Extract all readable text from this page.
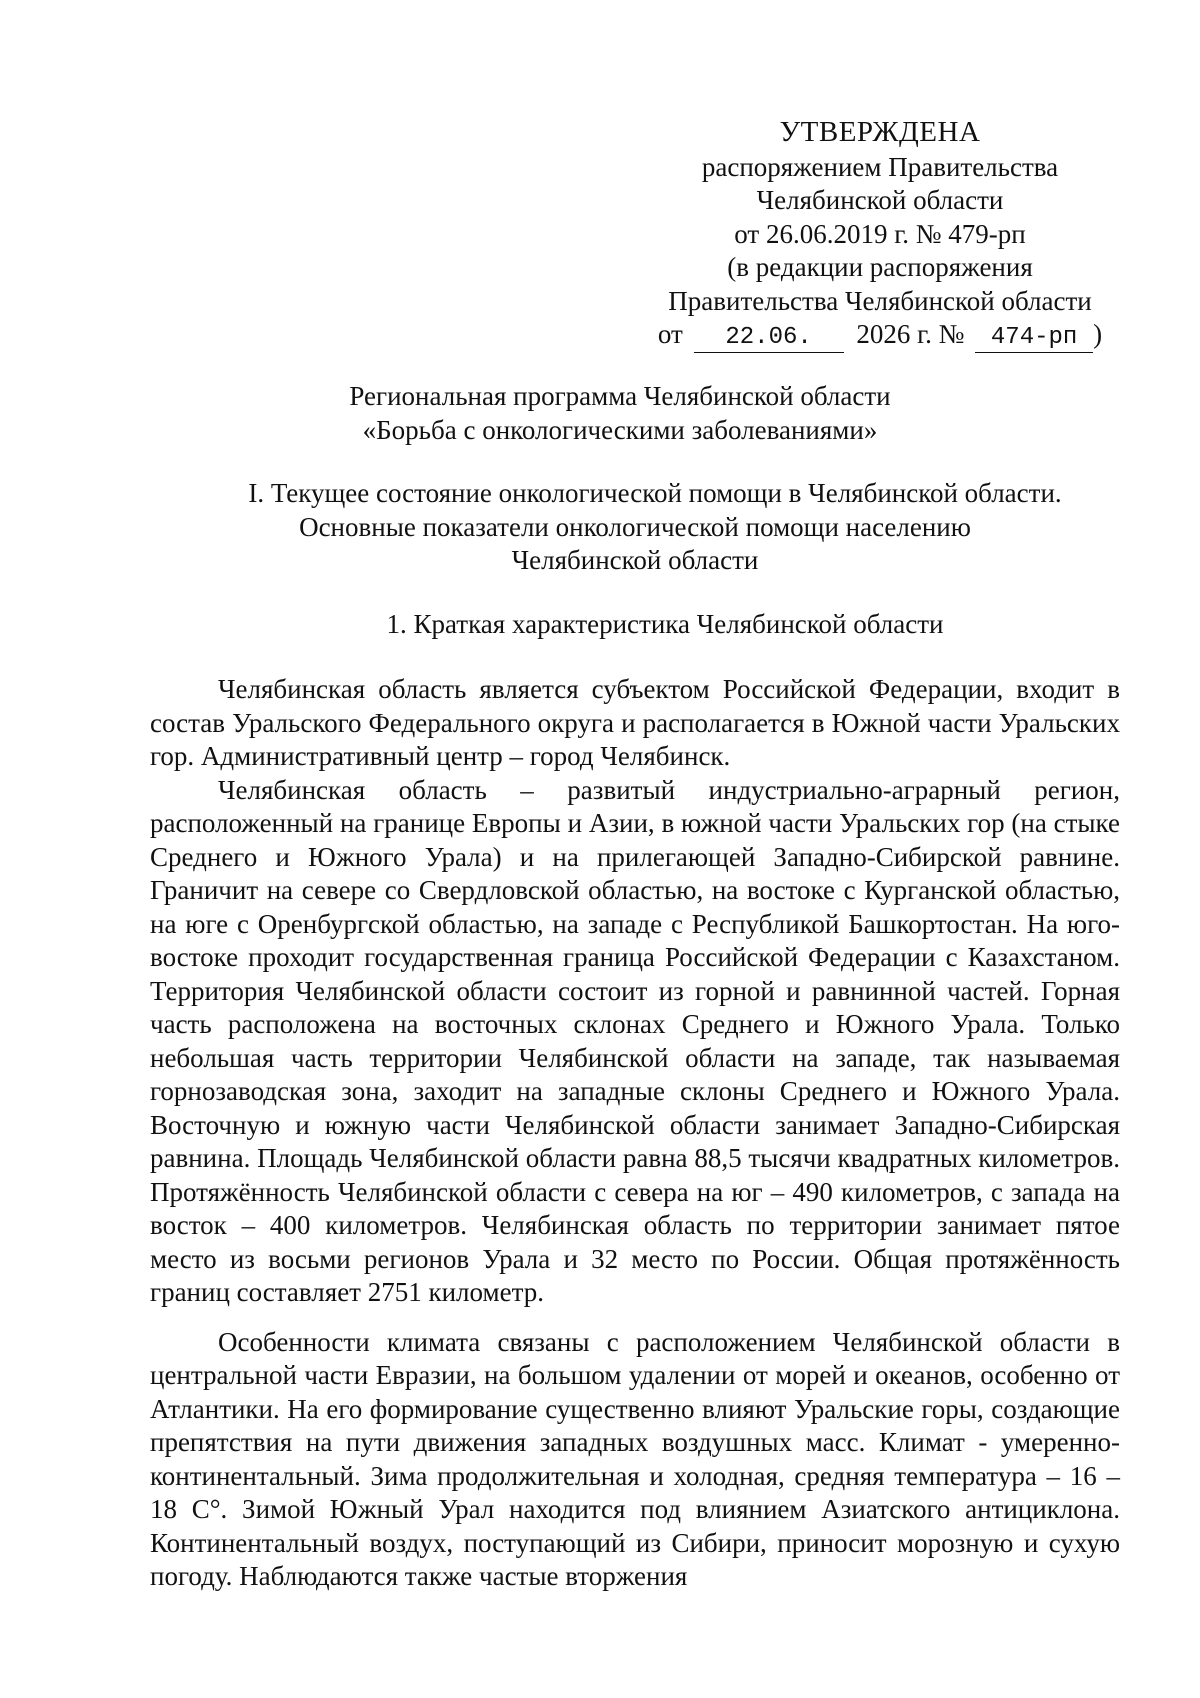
УТВЕРЖДЕНА
распоряжением Правительства
Челябинской области
от 26.06.2019 г. № 479-рп
(в редакции распоряжения
Правительства Челябинской области
от 22.06. 2026 г. № 474-рп )
Региональная программа Челябинской области
«Борьба с онкологическими заболеваниями»
I. Текущее состояние онкологической помощи в Челябинской области.
Основные показатели онкологической помощи населению
Челябинской области
1. Краткая характеристика Челябинской области

Челябинская область является субъектом Российской Федерации, входит в состав Уральского Федерального округа и располагается в Южной части Уральских гор. Административный центр – город Челябинск.

Челябинская область – развитый индустриально-аграрный регион, расположенный на границе Европы и Азии, в южной части Уральских гор (на стыке Среднего и Южного Урала) и на прилегающей Западно-Сибирской равнине. Граничит на севере со Свердловской областью, на востоке с Курганской областью, на юге с Оренбургской областью, на западе с Республикой Башкортостан. На юго-востоке проходит государственная граница Российской Федерации с Казахстаном. Территория Челябинской области состоит из горной и равнинной частей. Горная часть расположена на восточных склонах Среднего и Южного Урала. Только небольшая часть территории Челябинской области на западе, так называемая горнозаводская зона, заходит на западные склоны Среднего и Южного Урала. Восточную и южную части Челябинской области занимает Западно-Сибирская равнина. Площадь Челябинской области равна 88,5 тысячи квадратных километров. Протяжённость Челябинской области с севера на юг – 490 километров, с запада на восток – 400 километров. Челябинская область по территории занимает пятое место из восьми регионов Урала и 32 место по России. Общая протяжённость границ составляет 2751 километр.

Особенности климата связаны с расположением Челябинской области в центральной части Евразии, на большом удалении от морей и океанов, особенно от Атлантики. На его формирование существенно влияют Уральские горы, создающие препятствия на пути движения западных воздушных масс. Климат - умеренно-континентальный. Зима продолжительная и холодная, средняя температура – 16 – 18 С°. Зимой Южный Урал находится под влиянием Азиатского антициклона. Континентальный воздух, поступающий из Сибири, приносит морозную и сухую погоду. Наблюдаются также частые вторжения
